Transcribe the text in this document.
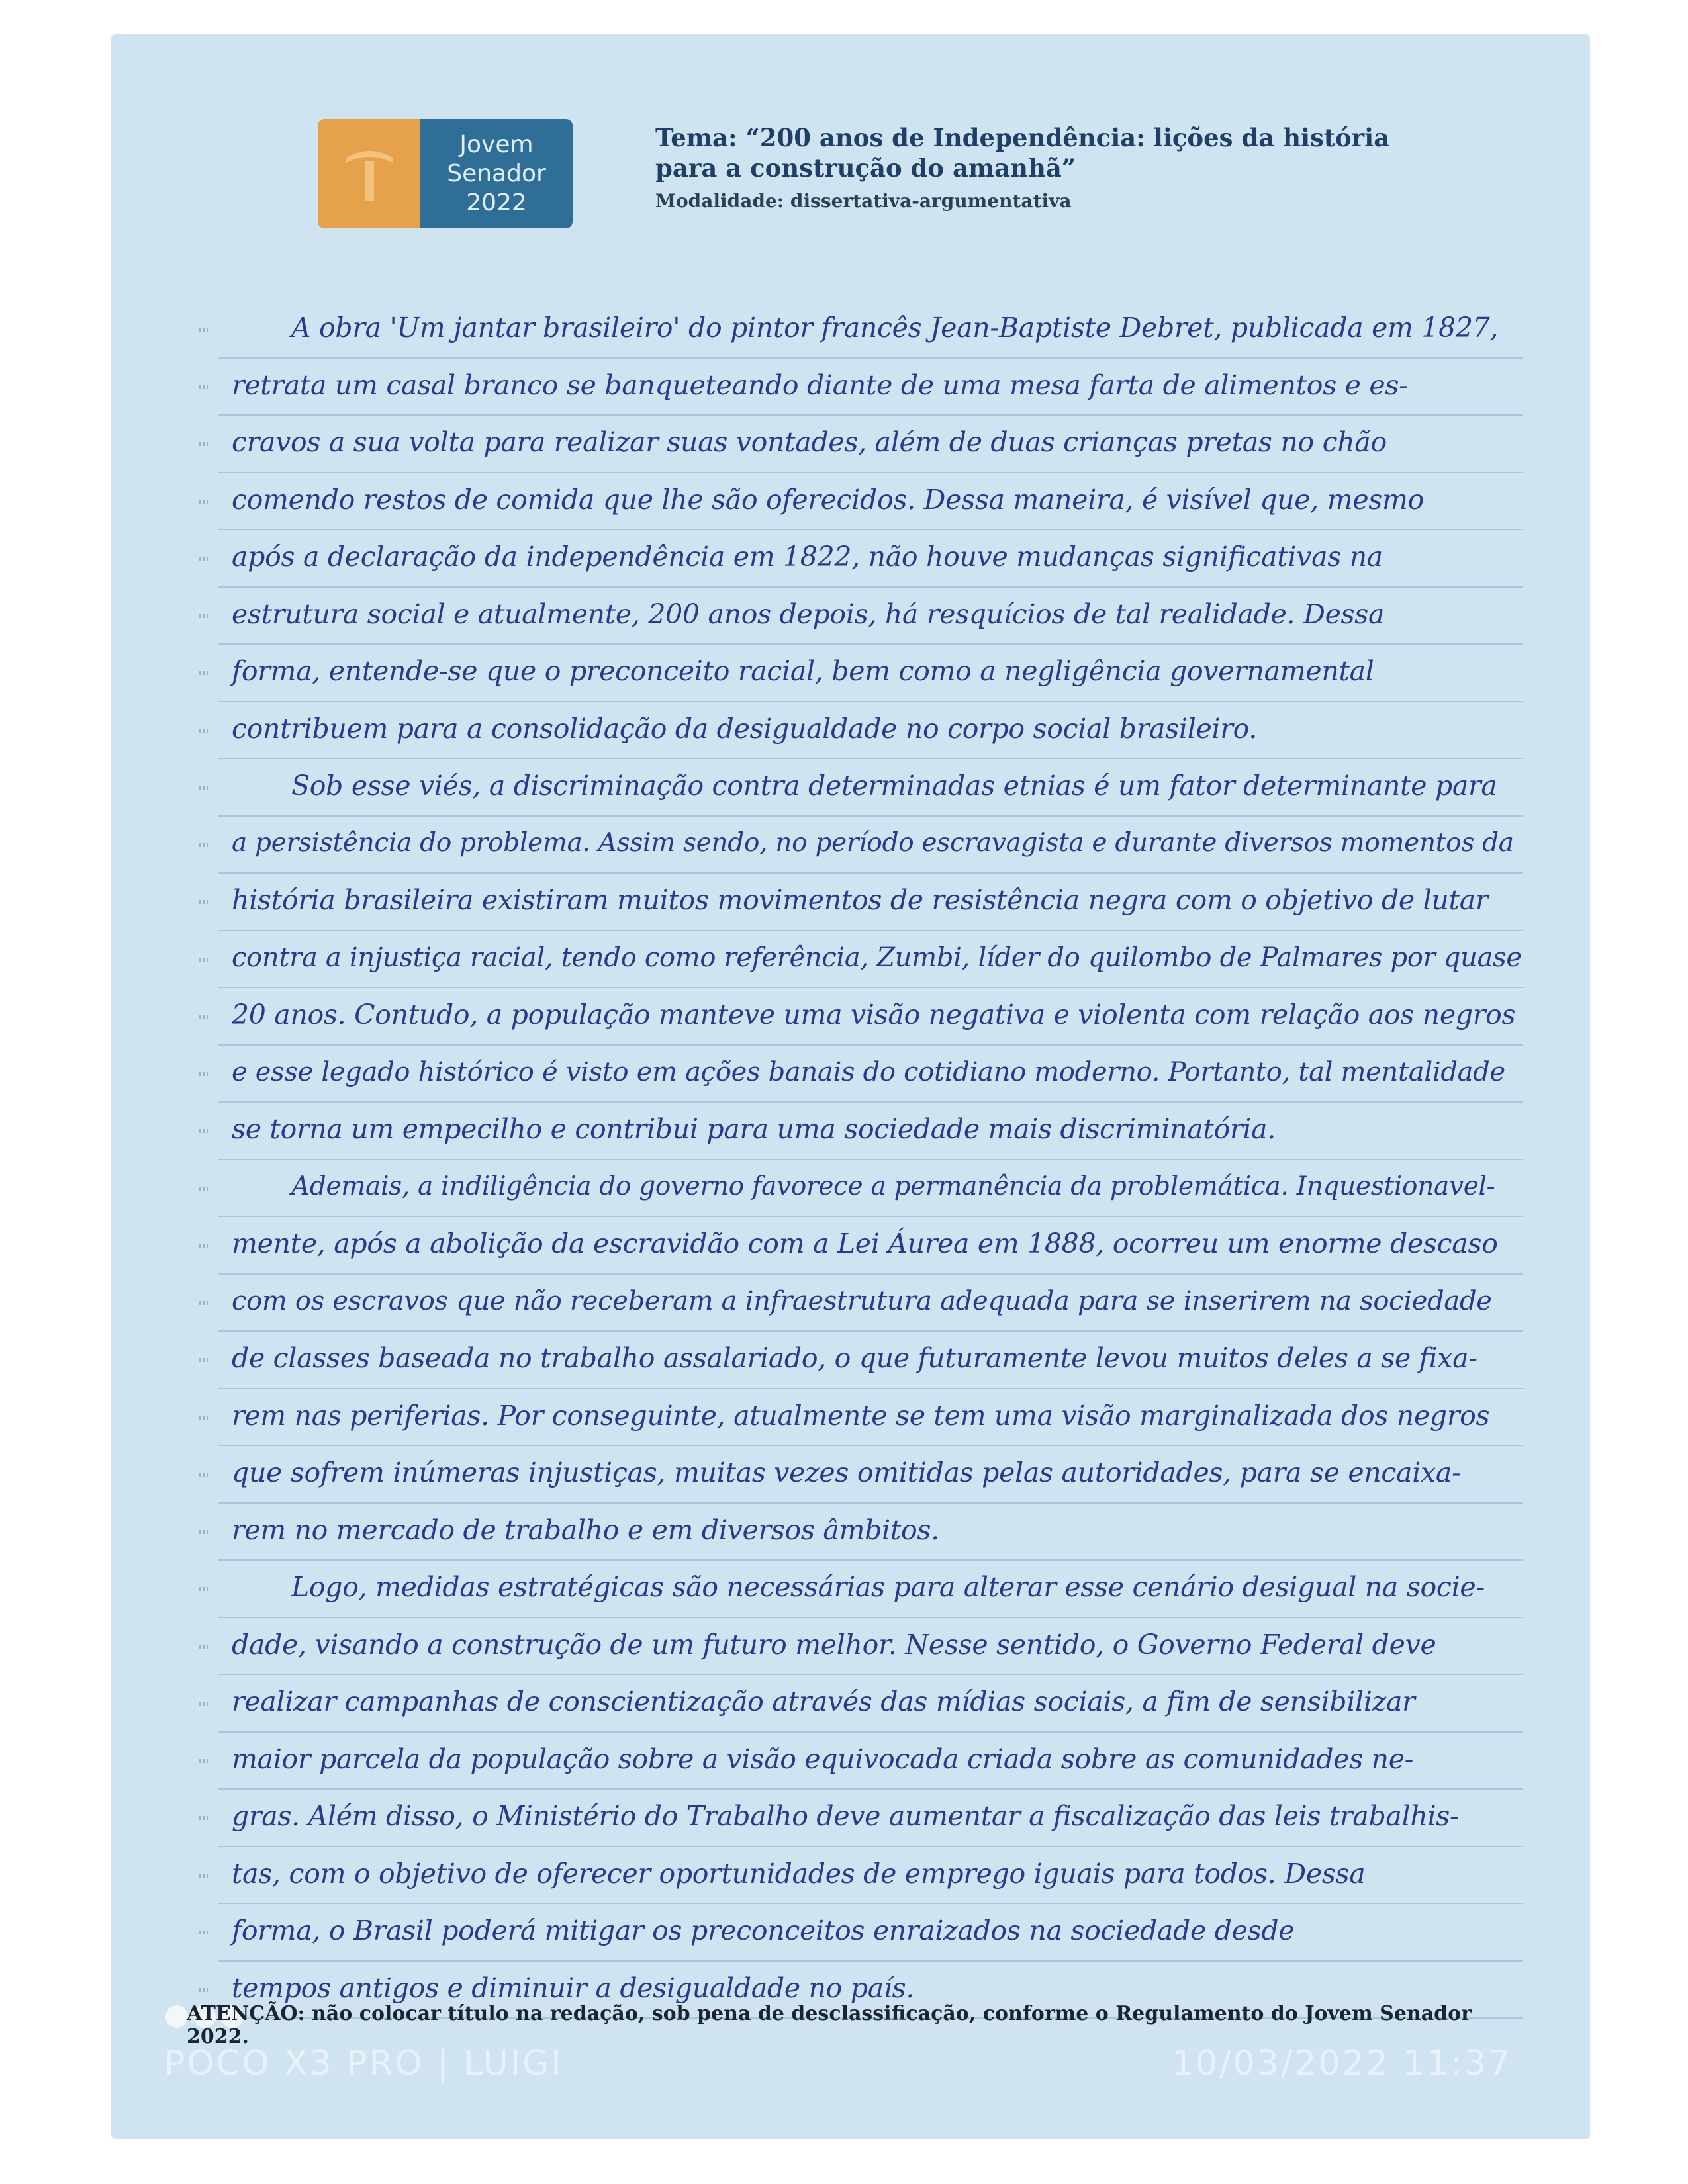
Jovem
Senador
2022
Tema: “200 anos de Independência: lições da história
para a construção do amanhã”
Modalidade: dissertativa-argumentativa
A obra 'Um jantar brasileiro' do pintor francês Jean-Baptiste Debret, publicada em 1827,
retrata um casal branco se banqueteando diante de uma mesa farta de alimentos e es-
cravos a sua volta para realizar suas vontades, além de duas crianças pretas no chão
comendo restos de comida que lhe são oferecidos. Dessa maneira, é visível que, mesmo
após a declaração da independência em 1822, não houve mudanças significativas na
estrutura social e atualmente, 200 anos depois, há resquícios de tal realidade. Dessa
forma, entende-se que o preconceito racial, bem como a negligência governamental
contribuem para a consolidação da desigualdade no corpo social brasileiro.
Sob esse viés, a discriminação contra determinadas etnias é um fator determinante para
a persistência do problema. Assim sendo, no período escravagista e durante diversos momentos da
história brasileira existiram muitos movimentos de resistência negra com o objetivo de lutar
contra a injustiça racial, tendo como referência, Zumbi, líder do quilombo de Palmares por quase
20 anos. Contudo, a população manteve uma visão negativa e violenta com relação aos negros
e esse legado histórico é visto em ações banais do cotidiano moderno. Portanto, tal mentalidade
se torna um empecilho e contribui para uma sociedade mais discriminatória.
Ademais, a indiligência do governo favorece a permanência da problemática. Inquestionavel-
mente, após a abolição da escravidão com a Lei Áurea em 1888, ocorreu um enorme descaso
com os escravos que não receberam a infraestrutura adequada para se inserirem na sociedade
de classes baseada no trabalho assalariado, o que futuramente levou muitos deles a se fixa-
rem nas periferias. Por conseguinte, atualmente se tem uma visão marginalizada dos negros
que sofrem inúmeras injustiças, muitas vezes omitidas pelas autoridades, para se encaixa-
rem no mercado de trabalho e em diversos âmbitos.
Logo, medidas estratégicas são necessárias para alterar esse cenário desigual na socie-
dade, visando a construção de um futuro melhor. Nesse sentido, o Governo Federal deve
realizar campanhas de conscientização através das mídias sociais, a fim de sensibilizar
maior parcela da população sobre a visão equivocada criada sobre as comunidades ne-
gras. Além disso, o Ministério do Trabalho deve aumentar a fiscalização das leis trabalhis-
tas, com o objetivo de oferecer oportunidades de emprego iguais para todos. Dessa
forma, o Brasil poderá mitigar os preconceitos enraizados na sociedade desde
tempos antigos e diminuir a desigualdade no país.
ATENÇÃO: não colocar título na redação, sob pena de desclassificação, conforme o Regulamento do Jovem Senador 2022.
POCO X3 PRO | LUIGI	10/03/2022 11:37
